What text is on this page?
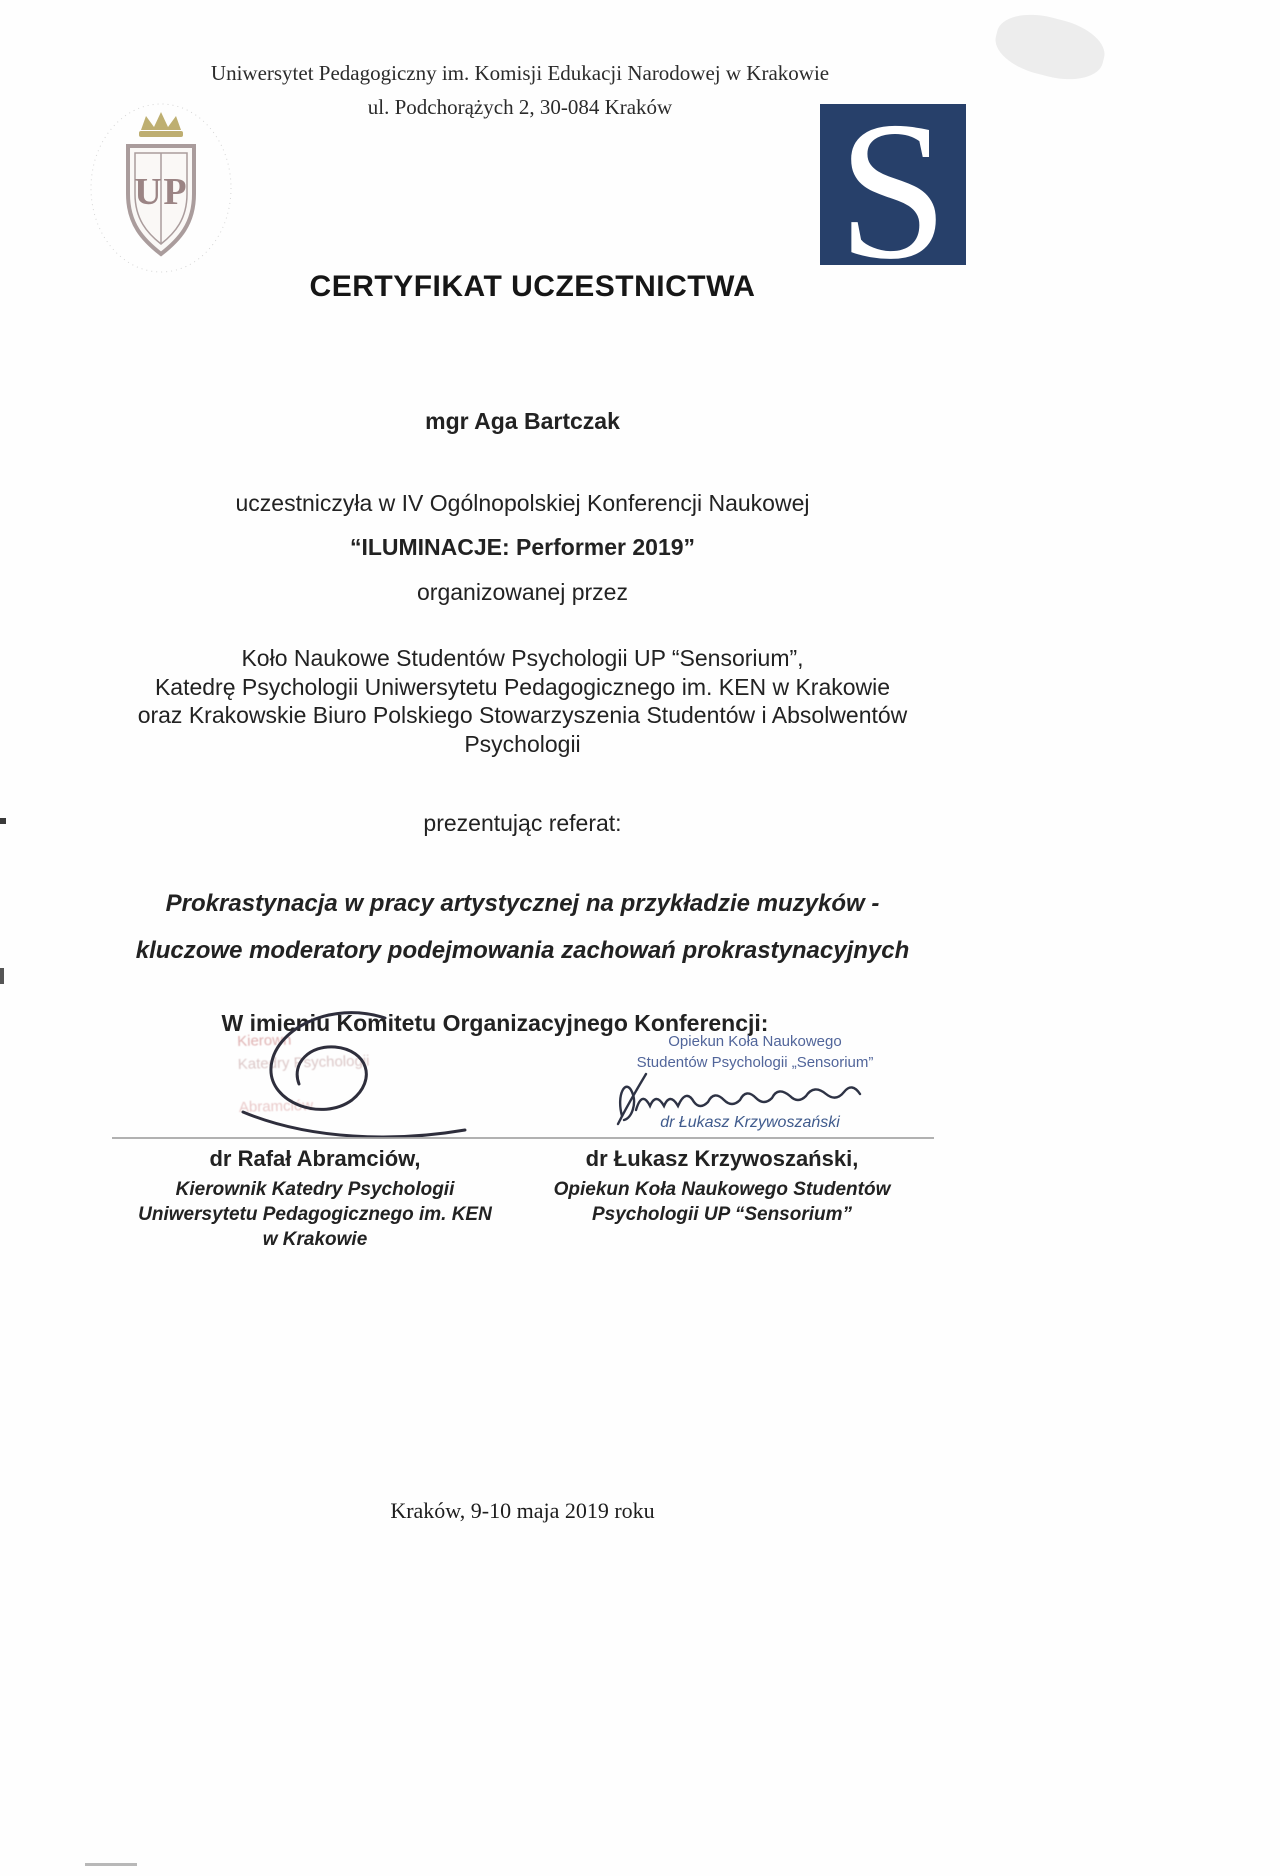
Uniwersytet Pedagogiczny im. Komisji Edukacji Narodowej w Krakowie
ul. Podchorążych 2, 30-084 Kraków
U P	S
CERTYFIKAT UCZESTNICTWA
mgr Aga Bartczak
uczestniczyła w IV Ogólnopolskiej Konferencji Naukowej
“ILUMINACJE: Performer 2019”
organizowanej przez
Koło Naukowe Studentów Psychologii UP “Sensorium”,
Katedrę Psychologii Uniwersytetu Pedagogicznego im. KEN w Krakowie
oraz Krakowskie Biuro Polskiego Stowarzyszenia Studentów i Absolwentów
Psychologii
prezentując referat:
Prokrastynacja w pracy artystycznej na przykładzie muzyków -
kluczowe moderatory podejmowania zachowań prokrastynacyjnych
W imieniu Komitetu Organizacyjnego Konferencji:
Kierown
Katedry Psychologii
Abramciów
Opiekun Koła Naukowego
Studentów Psychologii „Sensorium”
dr Łukasz Krzywoszański
dr Rafał Abramciów,
Kierownik Katedry Psychologii
Uniwersytetu Pedagogicznego im. KEN
w Krakowie
dr Łukasz Krzywoszański,
Opiekun Koła Naukowego Studentów
Psychologii UP “Sensorium”
Kraków, 9-10 maja 2019 roku
